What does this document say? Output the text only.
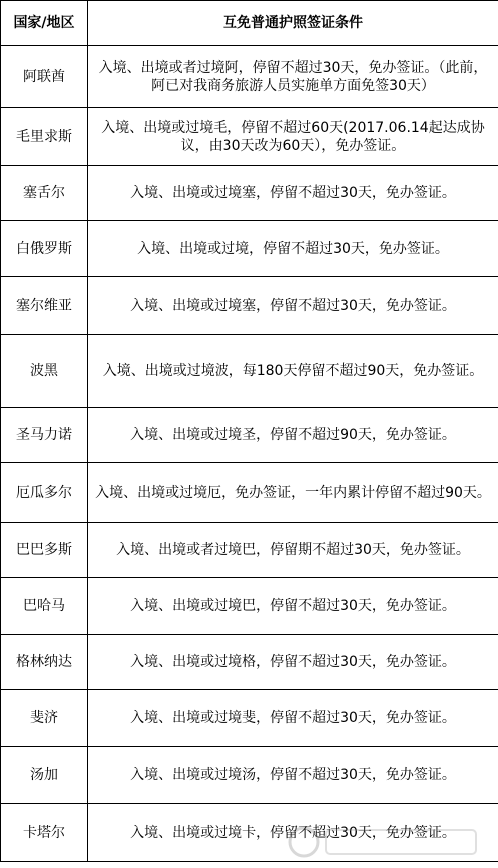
国家/地区	互免普通护照签证条件
阿联酋	入境、出境或者过境阿，停留不超过30天，免办签证。（此前，阿已对我商务旅游人员实施单方面免签30天）
毛里求斯	入境、出境或过境毛，停留不超过60天(2017.06.14起达成协议，由30天改为60天），免办签证。
塞舌尔	入境、出境或过境塞，停留不超过30天，免办签证。
白俄罗斯	入境、出境或过境，停留不超过30天，免办签证。
塞尔维亚	入境、出境或过境塞，停留不超过30天，免办签证。
波黑	入境、出境或过境波，每180天停留不超过90天，免办签证。
圣马力诺	入境、出境或过境圣，停留不超过90天，免办签证。
厄瓜多尔	入境、出境或过境厄，免办签证，一年内累计停留不超过90天。
巴巴多斯	入境、出境或者过境巴，停留期不超过30天，免办签证。
巴哈马	入境、出境或过境巴，停留不超过30天，免办签证。
格林纳达	入境、出境或过境格，停留不超过30天，免办签证。
斐济	入境、出境或过境斐，停留不超过30天，免办签证。
汤加	入境、出境或过境汤，停留不超过30天，免办签证。
卡塔尔	入境、出境或过境卡，停留不超过30天，免办签证。
